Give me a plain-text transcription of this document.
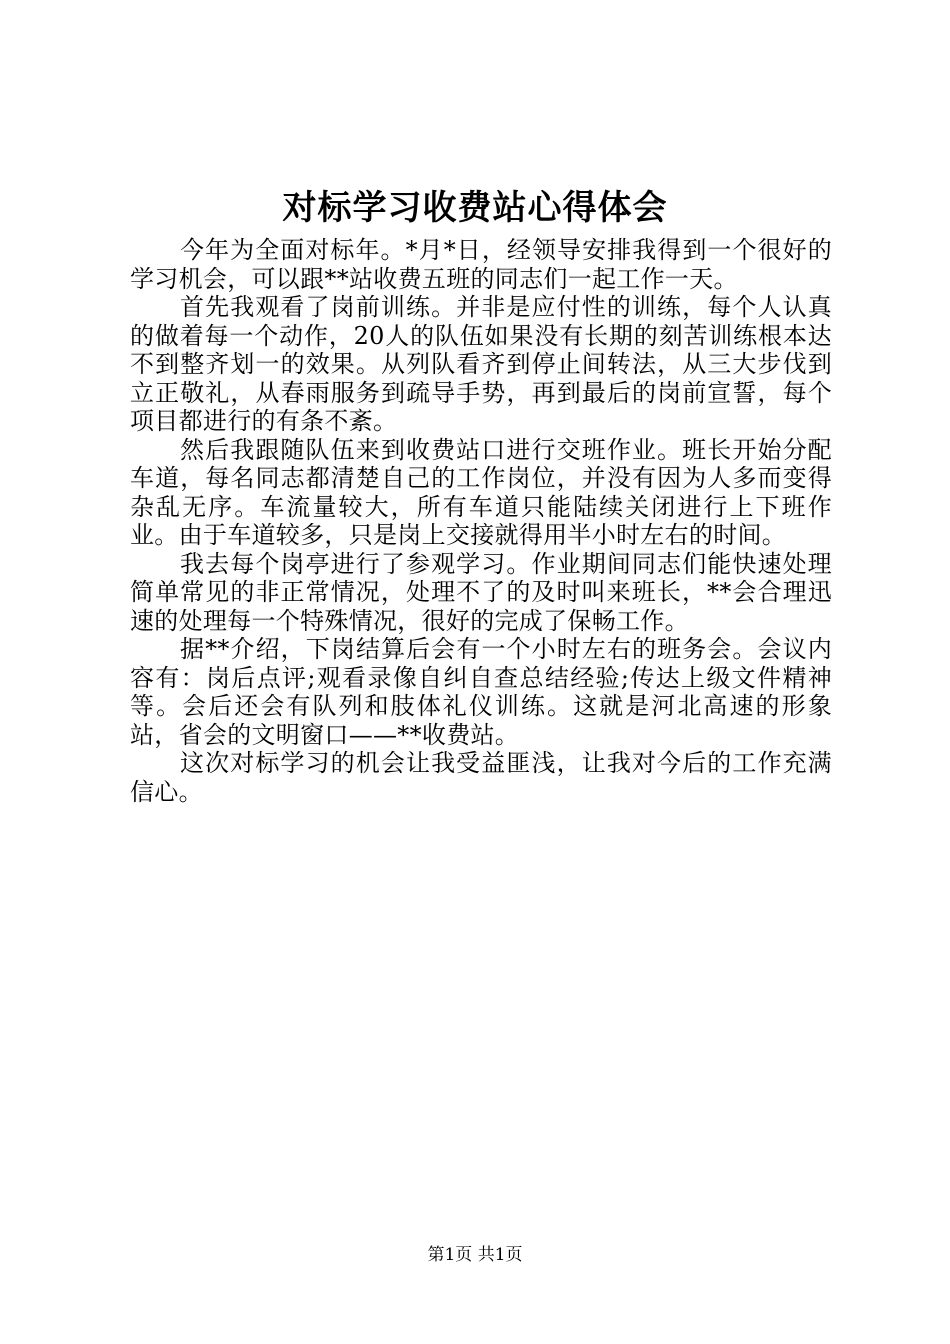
对标学习收费站心得体会

今年为全面对标年。*月*日，经领导安排我得到一个很好的学习机会，可以跟**站收费五班的同志们一起工作一天。

首先我观看了岗前训练。并非是应付性的训练，每个人认真的做着每一个动作，20人的队伍如果没有长期的刻苦训练根本达不到整齐划一的效果。从列队看齐到停止间转法，从三大步伐到立正敬礼，从春雨服务到疏导手势，再到最后的岗前宣誓，每个项目都进行的有条不紊。

然后我跟随队伍来到收费站口进行交班作业。班长开始分配车道，每名同志都清楚自己的工作岗位，并没有因为人多而变得杂乱无序。车流量较大，所有车道只能陆续关闭进行上下班作业。由于车道较多，只是岗上交接就得用半小时左右的时间。

我去每个岗亭进行了参观学习。作业期间同志们能快速处理简单常见的非正常情况，处理不了的及时叫来班长，**会合理迅速的处理每一个特殊情况，很好的完成了保畅工作。

据**介绍，下岗结算后会有一个小时左右的班务会。会议内容有：岗后点评;观看录像自纠自查总结经验;传达上级文件精神等。会后还会有队列和肢体礼仪训练。这就是河北高速的形象站，省会的文明窗口——**收费站。

这次对标学习的机会让我受益匪浅，让我对今后的工作充满信心。

第1页 共1页
